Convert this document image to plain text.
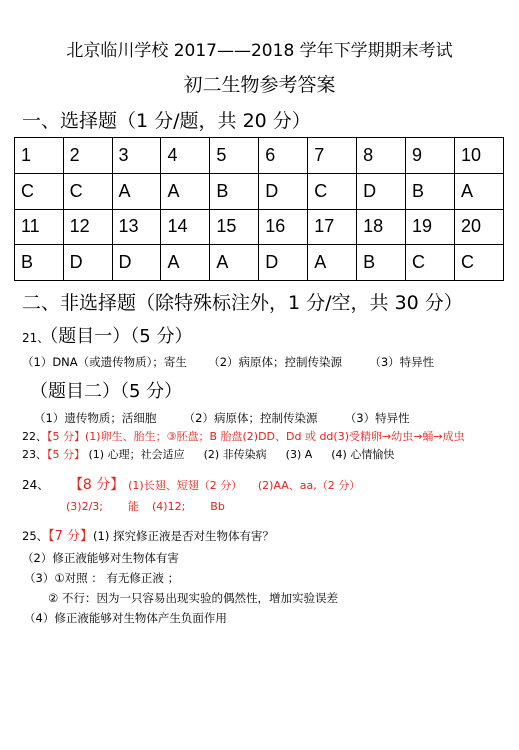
北京临川学校 2017——2018 学年下学期期末考试
初二生物参考答案
一、选择题（1 分/题，共 20 分）
1	2	3	4	5	6	7	8	9	10
C	C	A	A	B	D	C	D	B	A
11	12	13	14	15	16	17	18	19	20
B	D	D	A	A	D	A	B	C	C
二、非选择题（除特殊标注外，1 分/空，共 30 分）
21、（题目一）（5 分）
（1）DNA（或遗传物质）；寄生 （2）病原体；控制传染源 （3）特异性
（题目二）（5 分）
（1）遗传物质；活细胞 （2）病原体；控制传染源 （3）特异性
22、【5 分】(1)卵生、胎生；③胚盘；B 胎盘(2)DD、Dd 或 dd(3)受精卵→幼虫→蛹→成虫
23、【5 分】 (1) 心理；社会适应 (2) 非传染病 (3) A (4) 心情愉快
24、 【8 分】 (1)长翅、短翅（2 分） (2)AA、aa,（2 分）
(3)2/3; 能 (4)12; Bb
25、【7 分】(1) 探究修正液是否对生物体有害？
（2）修正液能够对生物体有害
（3）①对照 ： 有无修正液 ；
② 不行：因为一只容易出现实验的偶然性，增加实验误差
（4）修正液能够对生物体产生负面作用
